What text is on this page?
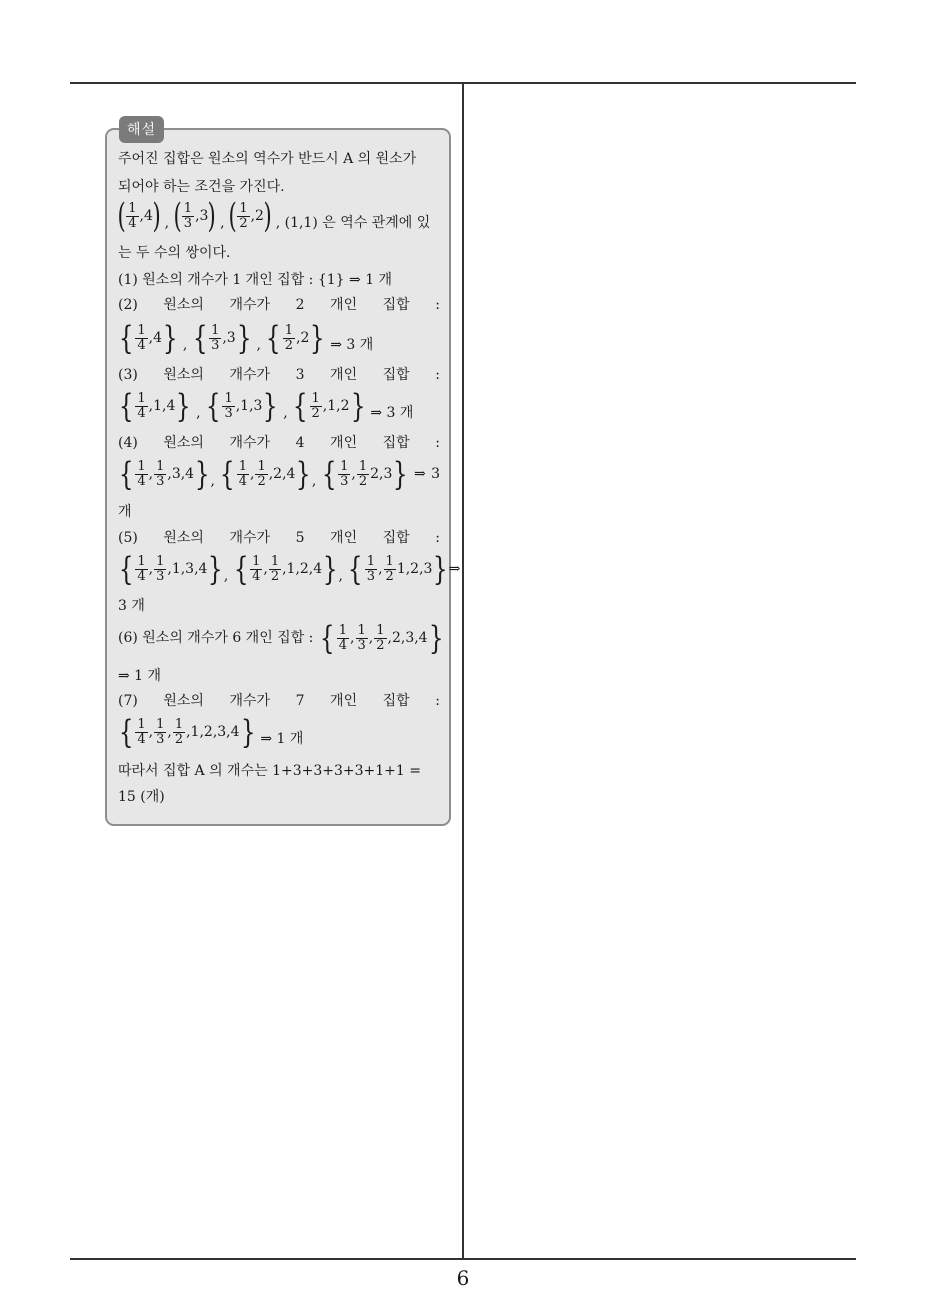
6
해설
주어진 집합은 원소의 역수가 반드시 A 의 원소가
되어야 하는 조건을 가진다.
( 1
4 ,4 ) , ( 1
3 ,3 ) , ( 1
2 ,2 ) , (1,1) 은 역수 관계에 있
는 두 수의 쌍이다.
(1) 원소의 개수가 1 개인 집합 : {1} ⇒ 1 개
(2) 원소의 개수가 2 개인 집합 :
{ 1
4 ,4 } , { 1
3 ,3 } , { 1
2 ,2 } ⇒ 3 개
(3) 원소의 개수가 3 개인 집합 :
{ 1
4 ,1,4 } , { 1
3 ,1,3 } , { 1
2 ,1,2 } ⇒ 3 개
(4) 원소의 개수가 4 개인 집합 :
{ 1
4 , 1
3 ,3,4 } , { 1
4 , 1
2 ,2,4 } , { 1
3 , 1
2 2,3 } ⇒ 3
개
(5) 원소의 개수가 5 개인 집합 :
{ 1
4 , 1
3 ,1,3,4 } , { 1
4 , 1
2 ,1,2,4 } , { 1
3 , 1
2 1,2,3 } ⇒
3 개
(6) 원소의 개수가 6 개인 집합 : { 1
4 , 1
3 , 1
2 ,2,3,4 }
⇒ 1 개
(7) 원소의 개수가 7 개인 집합 :
{ 1
4 , 1
3 , 1
2 ,1,2,3,4 } ⇒ 1 개
따라서 집합 A 의 개수는 1+3+3+3+3+1+1 =
15 (개)
